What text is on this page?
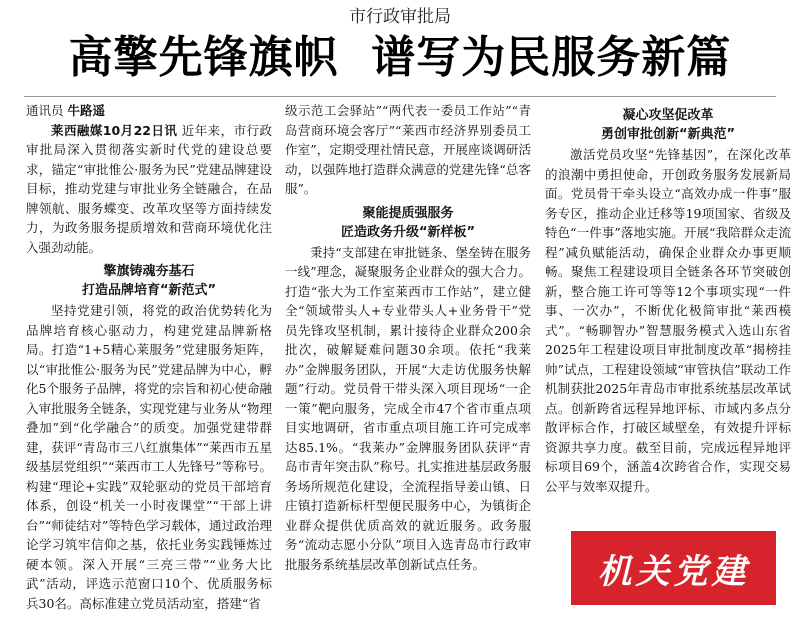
市行政审批局
高擎先锋旗帜  谱写为民服务新篇

通讯员 牛路遥

莱西融媒10月22日讯 近年来，市行政审批局深入贯彻落实新时代党的建设总要求，锚定“审批惟公·服务为民”党建品牌建设目标，推动党建与审批业务全链融合，在品牌领航、服务蝶变、改革攻坚等方面持续发力，为政务服务提质增效和营商环境优化注入强劲动能。

擎旗铸魂夯基石
打造品牌培育“新范式”

坚持党建引领，将党的政治优势转化为品牌培育核心驱动力，构建党建品牌新格局。打造“1+5精心莱服务”党建服务矩阵，以“审批惟公·服务为民”党建品牌为中心，孵化5个服务子品牌，将党的宗旨和初心使命融入审批服务全链条，实现党建与业务从“物理叠加”到“化学融合”的质变。加强党建带群建，获评“青岛市三八红旗集体”“莱西市五星级基层党组织”“莱西市工人先锋号”等称号。构建“理论+实践”双轮驱动的党员干部培育体系，创设“机关一小时夜课堂”“干部上讲台”“师徒结对”等特色学习载体，通过政治理论学习筑牢信仰之基，依托业务实践锤炼过硬本领。深入开展“三亮三带”“业务大比武”活动，评选示范窗口10个、优质服务标兵30名。高标准建立党员活动室，搭建“省

级示范工会驿站”“两代表一委员工作站”“青岛营商环境会客厅”“莱西市经济界别委员工作室”，定期受理社情民意，开展座谈调研活动，以强阵地打造群众满意的党建先锋“总客服”。

聚能提质强服务
匠造政务升级“新样板”

秉持“支部建在审批链条、堡垒铸在服务一线”理念，凝聚服务企业群众的强大合力。打造“张大为工作室莱西市工作站”，建立健全“领域带头人+专业带头人+业务骨干”党员先锋攻坚机制，累计接待企业群众200余批次，破解疑难问题30余项。依托“我莱办”金牌服务团队，开展“大走访优服务快解题”行动。党员骨干带头深入项目现场“一企一策”靶向服务，完成全市47个省市重点项目实地调研，省市重点项目施工许可完成率达85.1%。“我莱办”金牌服务团队获评“青岛市青年突击队”称号。扎实推进基层政务服务场所规范化建设，全流程指导姜山镇、日庄镇打造新标杆型便民服务中心，为镇街企业群众提供优质高效的就近服务。政务服务“流动志愿小分队”项目入选青岛市行政审批服务系统基层改革创新试点任务。

凝心攻坚促改革
勇创审批创新“新典范”

激活党员攻坚“先锋基因”，在深化改革的浪潮中勇担使命，开创政务服务发展新局面。党员骨干牵头设立“高效办成一件事”服务专区，推动企业迁移等19项国家、省级及特色“一件事”落地实施。开展“我陪群众走流程”减负赋能活动，确保企业群众办事更顺畅。聚焦工程建设项目全链条各环节突破创新，整合施工许可等等12个事项实现“一件事、一次办”，不断优化极简审批“莱西模式”。“畅聊智办”智慧服务模式入选山东省2025年工程建设项目审批制度改革“揭榜挂帅”试点，工程建设领域“审管执信”联动工作机制获批2025年青岛市审批系统基层改革试点。创新跨省远程异地评标、市域内多点分散评标合作，打破区域壁垒，有效提升评标资源共享力度。截至目前，完成远程异地评标项目69个，涵盖4次跨省合作，实现交易公平与效率双提升。

机关党建
